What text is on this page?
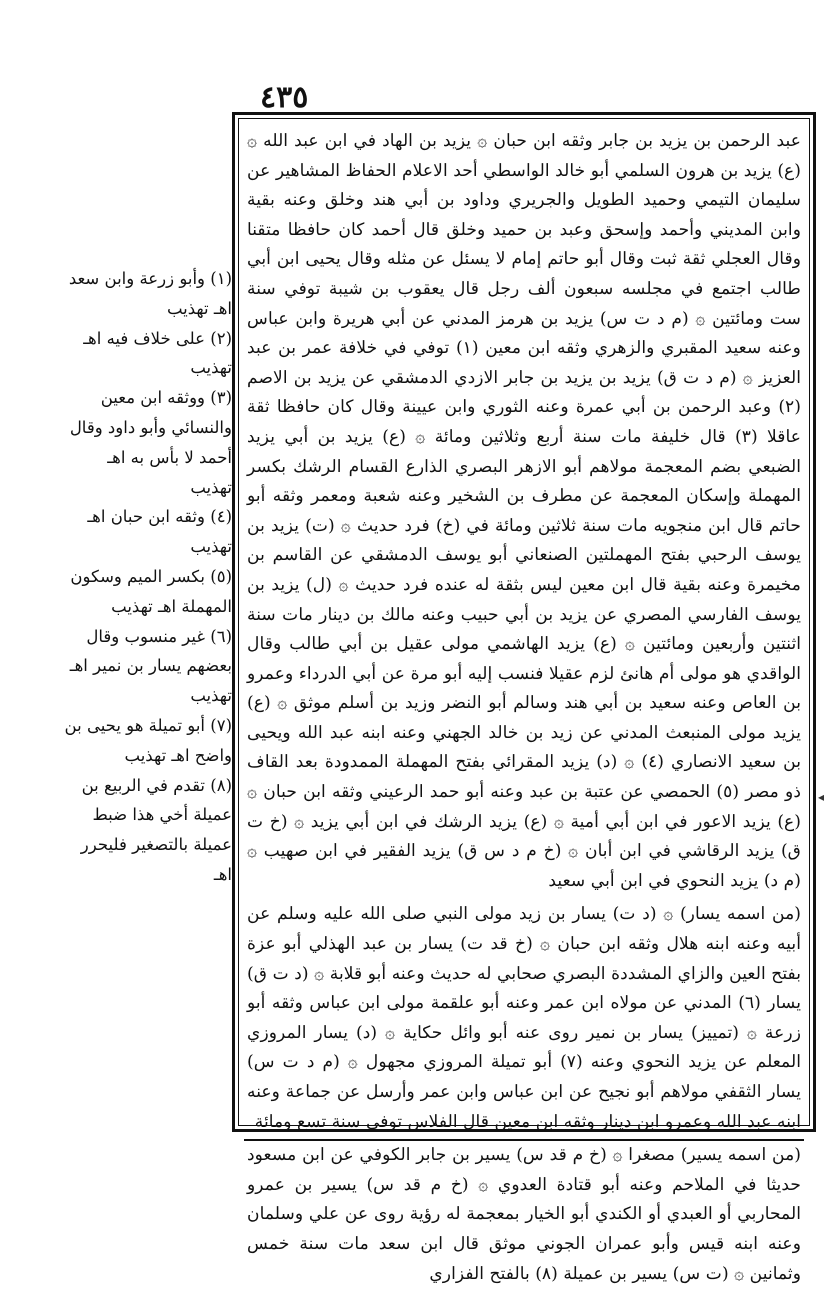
٤٣٥

عبد الرحمن بن يزيد بن جابر وثقه ابن حبان ۞ يزيد بن الهاد في ابن عبد الله ۞ (ع) يزيد بن هرون السلمي أبو خالد الواسطي أحد الاعلام الحفاظ المشاهير عن سليمان التيمي وحميد الطويل والجريري وداود بن أبي هند وخلق وعنه بقية وابن المديني وأحمد وإسحق وعبد بن حميد وخلق قال أحمد كان حافظا متقنا وقال العجلي ثقة ثبت وقال أبو حاتم إمام لا يسئل عن مثله وقال يحيى ابن أبي طالب اجتمع في مجلسه سبعون ألف رجل قال يعقوب بن شيبة توفي سنة ست ومائتين ۞ (م د ت س) يزيد بن هرمز المدني عن أبي هريرة وابن عباس وعنه سعيد المقبري والزهري وثقه ابن معين (١) توفي في خلافة عمر بن عبد العزيز ۞ (م د ت ق) يزيد بن يزيد بن جابر الازدي الدمشقي عن يزيد بن الاصم (٢) وعبد الرحمن بن أبي عمرة وعنه الثوري وابن عيينة وقال كان حافظا ثقة عاقلا (٣) قال خليفة مات سنة أربع وثلاثين ومائة ۞ (ع) يزيد بن أبي يزيد الضبعي بضم المعجمة مولاهم أبو الازهر البصري الذارع القسام الرشك بكسر المهملة وإسكان المعجمة عن مطرف بن الشخير وعنه شعبة ومعمر وثقه أبو حاتم قال ابن منجويه مات سنة ثلاثين ومائة في (خ) فرد حديث ۞ (ت) يزيد بن يوسف الرحبي بفتح المهملتين الصنعاني أبو يوسف الدمشقي عن القاسم بن مخيمرة وعنه بقية قال ابن معين ليس بثقة له عنده فرد حديث ۞ (ل) يزيد بن يوسف الفارسي المصري عن يزيد بن أبي حبيب وعنه مالك بن دينار مات سنة اثنتين وأربعين ومائتين ۞ (ع) يزيد الهاشمي مولى عقيل بن أبي طالب وقال الواقدي هو مولى أم هانئ لزم عقيلا فنسب إليه أبو مرة عن أبي الدرداء وعمرو بن العاص وعنه سعيد بن أبي هند وسالم أبو النضر وزيد بن أسلم موثق ۞ (ع) يزيد مولى المنبعث المدني عن زيد بن خالد الجهني وعنه ابنه عبد الله ويحيى بن سعيد الانصاري (٤) ۞ (د) يزيد المقرائي بفتح المهملة الممدودة بعد القاف ذو مصر (٥) الحمصي عن عتبة بن عبد وعنه أبو حمد الرعيني وثقه ابن حبان ۞ (ع) يزيد الاعور في ابن أبي أمية ۞ (ع) يزيد الرشك في ابن أبي يزيد ۞ (خ ت ق) يزيد الرقاشي في ابن أبان ۞ (خ م د س ق) يزيد الفقير في ابن صهيب ۞ (م د) يزيد النحوي في ابن أبي سعيد

(من اسمه يسار) ۞ (د ت) يسار بن زيد مولى النبي صلى الله عليه وسلم عن أبيه وعنه ابنه هلال وثقه ابن حبان ۞ (خ قد ت) يسار بن عبد الهذلي أبو عزة بفتح العين والزاي المشددة البصري صحابي له حديث وعنه أبو قلابة ۞ (د ت ق) يسار (٦) المدني عن مولاه ابن عمر وعنه أبو علقمة مولى ابن عباس وثقه أبو زرعة ۞ (تمييز) يسار بن نمير روى عنه أبو وائل حكاية ۞ (د) يسار المروزي المعلم عن يزيد النحوي وعنه (٧) أبو تميلة المروزي مجهول ۞ (م د ت س) يسار الثقفي مولاهم أبو نجيح عن ابن عباس وابن عمر وأرسل عن جماعة وعنه ابنه عبد الله وعمرو ابن دينار وثقه ابن معين قال الفلاس توفي سنة تسع ومائة

(من اسمه يسير) مصغرا ۞ (خ م قد س) يسير بن جابر الكوفي عن ابن مسعود حديثا في الملاحم وعنه أبو قتادة العدوي ۞ (خ م قد س) يسير بن عمرو المحاربي أو العبدي أو الكندي أبو الخيار بمعجمة له رؤية روى عن علي وسلمان وعنه ابنه قيس وأبو عمران الجوني موثق قال ابن سعد مات سنة خمس وثمانين ۞ (ت س) يسير بن عميلة (٨) بالفتح الفزاري

(١) وأبو زرعة وابن سعد اهـ تهذيب

(٢) على خلاف فيه اهـ تهذيب

(٣) ووثقه ابن معين والنسائي وأبو داود وقال أحمد لا بأس به اهـ تهذيب

(٤) وثقه ابن حبان اهـ تهذيب

(٥) بكسر الميم وسكون المهملة اهـ تهذيب

(٦) غير منسوب وقال بعضهم يسار بن نمير اهـ تهذيب

(٧) أبو تميلة هو يحيى بن واضح اهـ تهذيب

(٨) تقدم في الربيع بن عميلة أخي هذا ضبط عميلة بالتصغير فليحرر اهـ

◂
